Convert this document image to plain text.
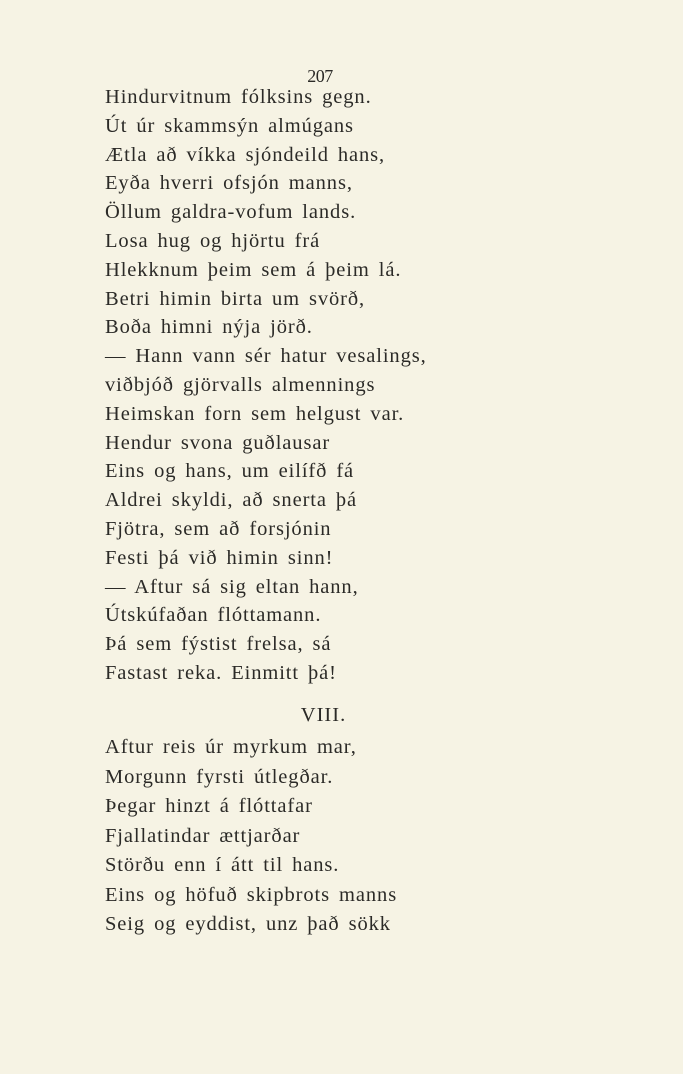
207
Hindurvitnum fólksins gegn.
Út úr skammsýn almúgans
Ætla að víkka sjóndeild hans,
Eyða hverri ofsjón manns,
Öllum galdra-vofum lands.
Losa hug og hjörtu frá
Hlekknum þeim sem á þeim lá.
Betri himin birta um svörð,
Boða himni nýja jörð.
— Hann vann sér hatur vesalings,
viðbjóð gjörvalls almennings
Heimskan forn sem helgust var.
Hendur svona guðlausar
Eins og hans, um eilífð fá
Aldrei skyldi, að snerta þá
Fjötra, sem að forsjónin
Festi þá við himin sinn!
— Aftur sá sig eltan hann,
Útskúfaðan flóttamann.
Þá sem fýstist frelsa, sá
Fastast reka. Einmitt þá!
VIII.
Aftur reis úr myrkum mar,
Morgunn fyrsti útlegðar.
Þegar hinzt á flóttafar
Fjallatindar ættjarðar
Störðu enn í átt til hans.
Eins og höfuð skipbrots manns
Seig og eyddist, unz það sökk
